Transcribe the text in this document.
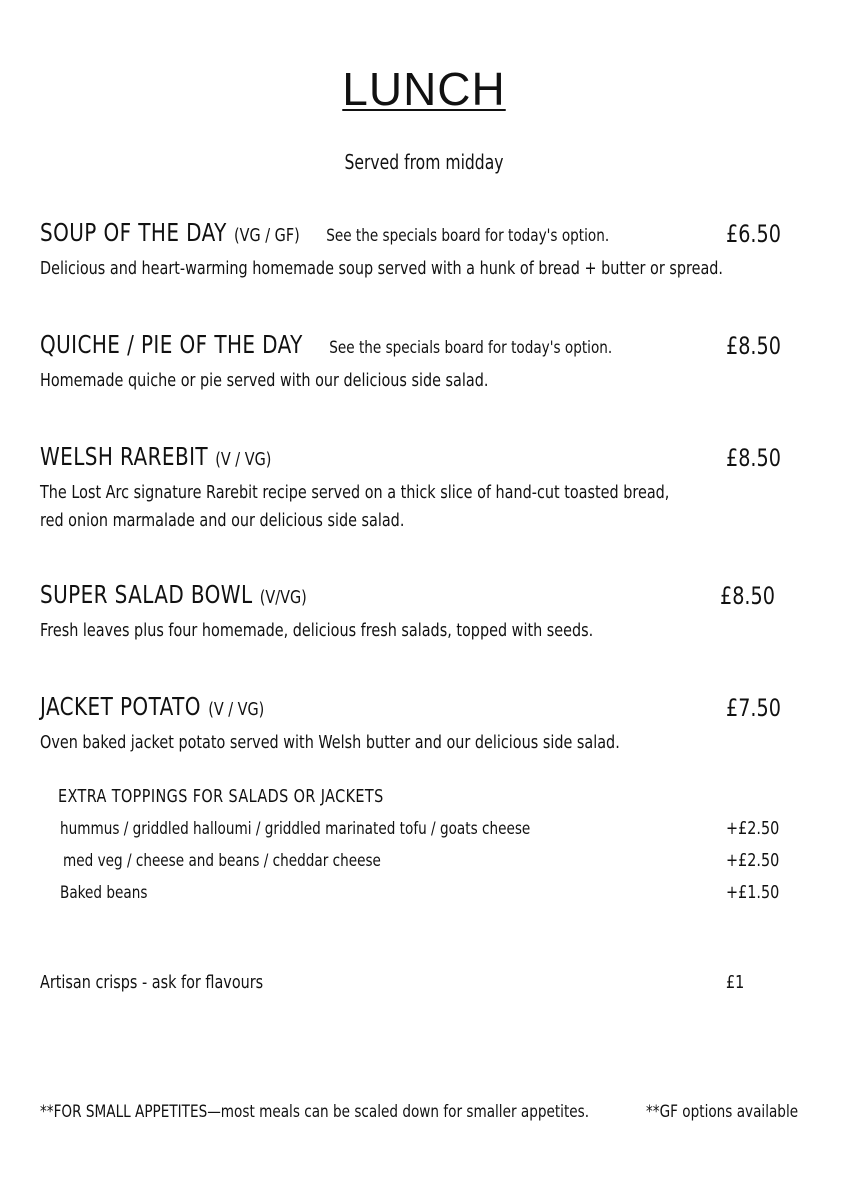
LUNCH
Served from midday
SOUP OF THE DAY (VG / GF) See the specials board for today's option.
Delicious and heart-warming homemade soup served with a hunk of bread + butter or spread.
£6.50
QUICHE / PIE OF THE DAY See the specials board for today's option.
Homemade quiche or pie served with our delicious side salad.
£8.50
WELSH RAREBIT (V / VG)
The Lost Arc signature Rarebit recipe served on a thick slice of hand-cut toasted bread,
red onion marmalade and our delicious side salad.
£8.50
SUPER SALAD BOWL (V/VG)
Fresh leaves plus four homemade, delicious fresh salads, topped with seeds.
£8.50
JACKET POTATO (V / VG)
Oven baked jacket potato served with Welsh butter and our delicious side salad.
£7.50
EXTRA TOPPINGS FOR SALADS OR JACKETS
hummus / griddled halloumi / griddled marinated tofu / goats cheese	+£2.50
med veg / cheese and beans / cheddar cheese	+£2.50
Baked beans	+£1.50
Artisan crisps - ask for flavours	£1
**FOR SMALL APPETITES—most meals can be scaled down for smaller appetites.	**GF options available
